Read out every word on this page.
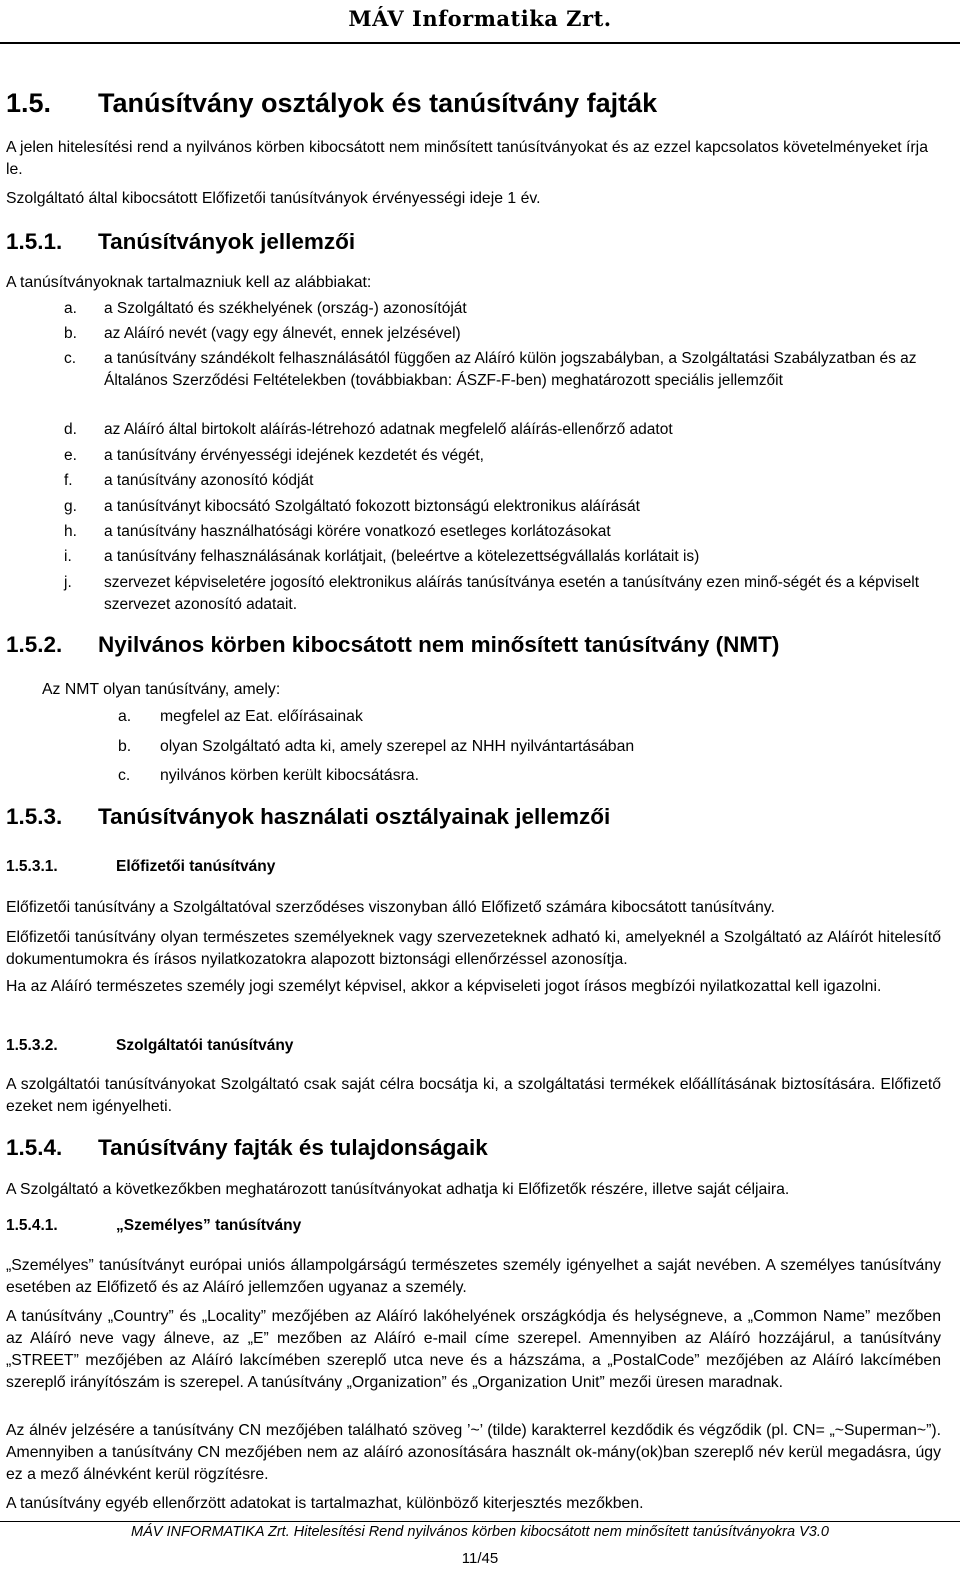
MÁV Informatika Zrt.
1.5. Tanúsítvány osztályok és tanúsítvány fajták
A jelen hitelesítési rend a nyilvános körben kibocsátott nem minősített tanúsítványokat és az ezzel kapcsolatos követelményeket írja le.
Szolgáltató által kibocsátott Előfizetői tanúsítványok érvényességi ideje 1 év.
1.5.1. Tanúsítványok jellemzői
A tanúsítványoknak tartalmazniuk kell az alábbiakat:
a. a Szolgáltató és székhelyének (ország-) azonosítóját
b. az Aláíró nevét (vagy egy álnevét, ennek jelzésével)
c. a tanúsítvány szándékolt felhasználásától függően az Aláíró külön jogszabályban, a Szolgáltatási Szabályzatban és az Általános Szerződési Feltételekben (továbbiakban: ÁSZF-F-ben) meghatározott speciális jellemzőit
d. az Aláíró által birtokolt aláírás-létrehozó adatnak megfelelő aláírás-ellenőrző adatot
e. a tanúsítvány érvényességi idejének kezdetét és végét,
f. a tanúsítvány azonosító kódját
g. a tanúsítványt kibocsátó Szolgáltató fokozott biztonságú elektronikus aláírását
h. a tanúsítvány használhatósági körére vonatkozó esetleges korlátozásokat
i. a tanúsítvány felhasználásának korlátjait, (beleértve a kötelezettségvállalás korlátait is)
j. szervezet képviseletére jogosító elektronikus aláírás tanúsítványa esetén a tanúsítvány ezen minő-ségét és a képviselt szervezet azonosító adatait.
1.5.2. Nyilvános körben kibocsátott nem minősített tanúsítvány (NMT)
Az NMT olyan tanúsítvány, amely:
a. megfelel az Eat. előírásainak
b. olyan Szolgáltató adta ki, amely szerepel az NHH nyilvántartásában
c. nyilvános körben került kibocsátásra.
1.5.3. Tanúsítványok használati osztályainak jellemzői
1.5.3.1.	Előfizetői tanúsítvány
Előfizetői tanúsítvány a Szolgáltatóval szerződéses viszonyban álló Előfizető számára kibocsátott tanúsítvány.
Előfizetői tanúsítvány olyan természetes személyeknek vagy szervezeteknek adható ki, amelyeknél a Szolgáltató az Aláírót hitelesítő dokumentumokra és írásos nyilatkozatokra alapozott biztonsági ellenőrzéssel azonosítja.
Ha az Aláíró természetes személy jogi személyt képvisel, akkor a képviseleti jogot írásos megbízói nyilatkozattal kell igazolni.
1.5.3.2.	Szolgáltatói tanúsítvány
A szolgáltatói tanúsítványokat Szolgáltató csak saját célra bocsátja ki, a szolgáltatási termékek előállításának biztosítására. Előfizető ezeket nem igényelheti.
1.5.4. Tanúsítvány fajták és tulajdonságaik
A Szolgáltató a következőkben meghatározott tanúsítványokat adhatja ki Előfizetők részére, illetve saját céljaira.
1.5.4.1.	„Személyes” tanúsítvány
„Személyes” tanúsítványt európai uniós állampolgárságú természetes személy igényelhet a saját nevében. A személyes tanúsítvány esetében az Előfizető és az Aláíró jellemzően ugyanaz a személy.
A tanúsítvány „Country” és „Locality” mezőjében az Aláíró lakóhelyének országkódja és helységneve, a „Common Name” mezőben az Aláíró neve vagy álneve, az „E” mezőben az Aláíró e-mail címe szerepel. Amennyiben az Aláíró hozzájárul, a tanúsítvány „STREET” mezőjében az Aláíró lakcímében szereplő utca neve és a házszáma, a „PostalCode” mezőjében az Aláíró lakcímében szereplő irányítószám is szerepel. A tanúsítvány „Organization” és „Organization Unit” mezői üresen maradnak.
Az álnév jelzésére a tanúsítvány CN mezőjében található szöveg ’~’ (tilde) karakterrel kezdődik és végződik (pl. CN= „~Superman~”). Amennyiben a tanúsítvány CN mezőjében nem az aláíró azonosítására használt ok-mány(ok)ban szereplő név kerül megadásra, úgy ez a mező álnévként kerül rögzítésre.
A tanúsítvány egyéb ellenőrzött adatokat is tartalmazhat, különböző kiterjesztés mezőkben.
MÁV INFORMATIKA Zrt. Hitelesítési Rend nyilvános körben kibocsátott nem minősített tanúsítványokra V3.0
11/45
